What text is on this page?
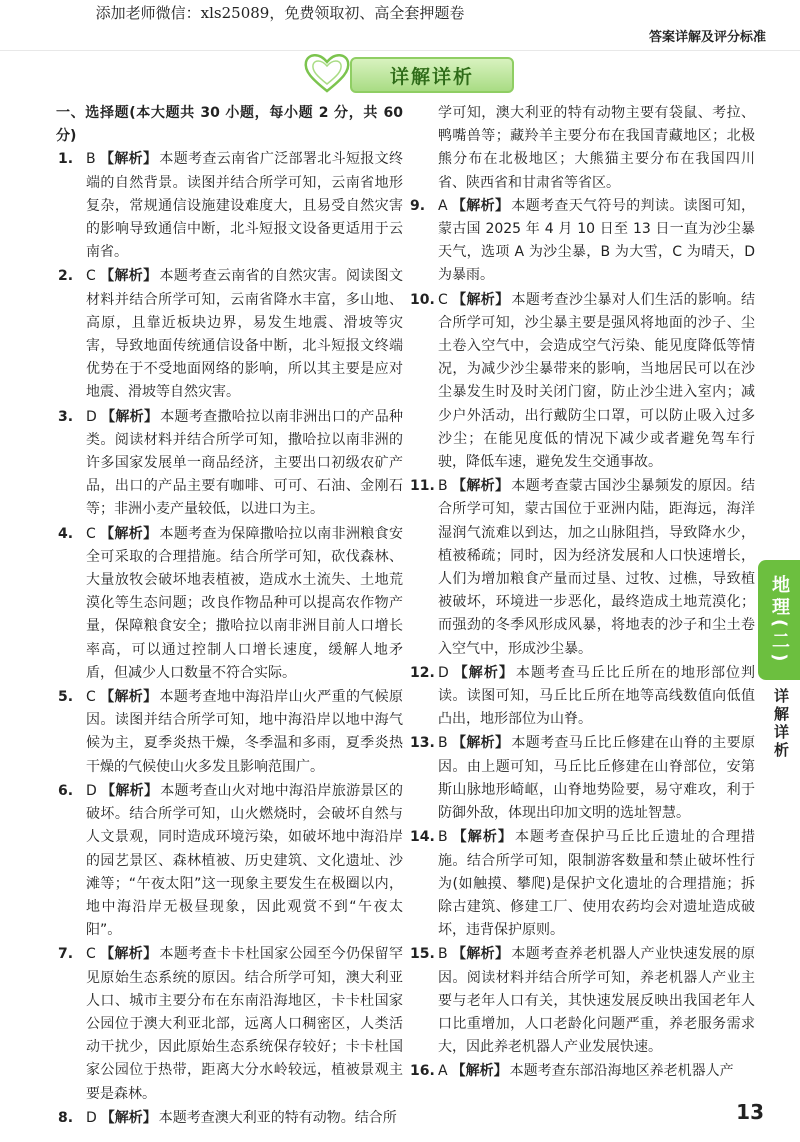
添加老师微信：xls25089，免费领取初、高全套押题卷
答案详解及评分标准
详解详析
一、选择题(本大题共 30 小题，每小题 2 分，共 60 分)
1. B 【解析】 本题考查云南省广泛部署北斗短报文终端的自然背景。读图并结合所学可知，云南省地形复杂，常规通信设施建设难度大，且易受自然灾害的影响导致通信中断，北斗短报文设备更适用于云南省。
2. C 【解析】 本题考查云南省的自然灾害。阅读图文材料并结合所学可知，云南省降水丰富，多山地、高原，且靠近板块边界，易发生地震、滑坡等灾害，导致地面传统通信设备中断，北斗短报文终端优势在于不受地面网络的影响，所以其主要是应对地震、滑坡等自然灾害。
3. D 【解析】 本题考查撒哈拉以南非洲出口的产品种类。阅读材料并结合所学可知，撒哈拉以南非洲的许多国家发展单一商品经济，主要出口初级农矿产品，出口的产品主要有咖啡、可可、石油、金刚石等；非洲小麦产量较低，以进口为主。
4. C 【解析】 本题考查为保障撒哈拉以南非洲粮食安全可采取的合理措施。结合所学可知，砍伐森林、大量放牧会破坏地表植被，造成水土流失、土地荒漠化等生态问题；改良作物品种可以提高农作物产量，保障粮食安全；撒哈拉以南非洲目前人口增长率高，可以通过控制人口增长速度，缓解人地矛盾，但减少人口数量不符合实际。
5. C 【解析】 本题考查地中海沿岸山火严重的气候原因。读图并结合所学可知，地中海沿岸以地中海气候为主，夏季炎热干燥，冬季温和多雨，夏季炎热干燥的气候使山火多发且影响范围广。
6. D 【解析】 本题考查山火对地中海沿岸旅游景区的破坏。结合所学可知，山火燃烧时，会破坏自然与人文景观，同时造成环境污染，如破坏地中海沿岸的园艺景区、森林植被、历史建筑、文化遗址、沙滩等；“午夜太阳”这一现象主要发生在极圈以内，地中海沿岸无极昼现象，因此观赏不到“午夜太阳”。
7. C 【解析】 本题考查卡卡杜国家公园至今仍保留罕见原始生态系统的原因。结合所学可知，澳大利亚人口、城市主要分布在东南沿海地区，卡卡杜国家公园位于澳大利亚北部，远离人口稠密区，人类活动干扰少，因此原始生态系统保存较好；卡卡杜国家公园位于热带，距离大分水岭较远，植被景观主要是森林。
8. D 【解析】 本题考查澳大利亚的特有动物。结合所
学可知，澳大利亚的特有动物主要有袋鼠、考拉、鸭嘴兽等；藏羚羊主要分布在我国青藏地区；北极熊分布在北极地区；大熊猫主要分布在我国四川省、陕西省和甘肃省等省区。
9. A 【解析】 本题考查天气符号的判读。读图可知，蒙古国 2025 年 4 月 10 日至 13 日一直为沙尘暴天气，选项 A 为沙尘暴，B 为大雪，C 为晴天，D 为暴雨。
10. C 【解析】 本题考查沙尘暴对人们生活的影响。结合所学可知，沙尘暴主要是强风将地面的沙子、尘土卷入空气中，会造成空气污染、能见度降低等情况，为减少沙尘暴带来的影响，当地居民可以在沙尘暴发生时及时关闭门窗，防止沙尘进入室内；减少户外活动，出行戴防尘口罩，可以防止吸入过多沙尘；在能见度低的情况下减少或者避免驾车行驶，降低车速，避免发生交通事故。
11. B 【解析】 本题考查蒙古国沙尘暴频发的原因。结合所学可知，蒙古国位于亚洲内陆，距海远，海洋湿润气流难以到达，加之山脉阻挡，导致降水少，植被稀疏；同时，因为经济发展和人口快速增长，人们为增加粮食产量而过垦、过牧、过樵，导致植被破坏，环境进一步恶化，最终造成土地荒漠化；而强劲的冬季风形成风暴，将地表的沙子和尘土卷入空气中，形成沙尘暴。
12. D 【解析】 本题考查马丘比丘所在的地形部位判读。读图可知，马丘比丘所在地等高线数值向低值凸出，地形部位为山脊。
13. B 【解析】 本题考查马丘比丘修建在山脊的主要原因。由上题可知，马丘比丘修建在山脊部位，安第斯山脉地形崎岖，山脊地势险要，易守难攻，利于防御外敌，体现出印加文明的选址智慧。
14. B 【解析】 本题考查保护马丘比丘遗址的合理措施。结合所学可知，限制游客数量和禁止破坏性行为(如触摸、攀爬)是保护文化遗址的合理措施；拆除古建筑、修建工厂、使用农药均会对遗址造成破坏，违背保护原则。
15. B 【解析】 本题考查养老机器人产业快速发展的原因。阅读材料并结合所学可知，养老机器人产业主要与老年人口有关，其快速发展反映出我国老年人口比重增加，人口老龄化问题严重，养老服务需求大，因此养老机器人产业发展快速。
16. A 【解析】 本题考查东部沿海地区养老机器人产
地理(二)
详解详析
13
